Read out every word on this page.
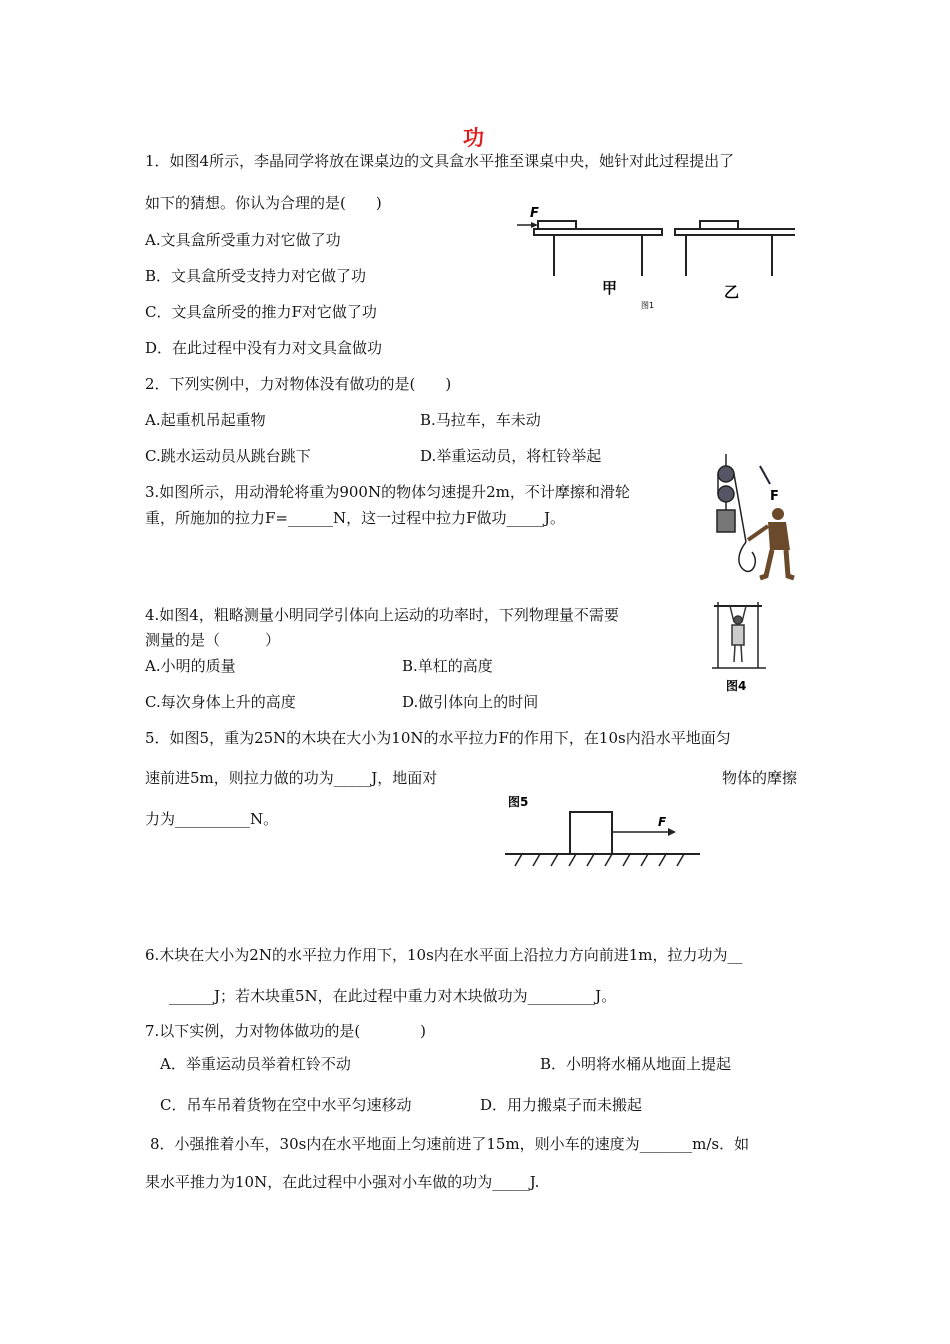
功
1．如图4所示，李晶同学将放在课桌边的文具盒水平推至课桌中央，她针对此过程提出了
如下的猜想。你认为合理的是(　　)
A.文具盒所受重力对它做了功
B．文具盒所受支持力对它做了功
C．文具盒所受的推力F对它做了功
D．在此过程中没有力对文具盒做功
F
甲	乙
图1
2．下列实例中，力对物体没有做功的是(　　)
A.起重机吊起重物	B.马拉车，车未动
C.跳水运动员从跳台跳下	D.举重运动员，将杠铃举起
3.如图所示，用动滑轮将重为900N的物体匀速提升2m，不计摩擦和滑轮
重，所施加的拉力F=______N，这一过程中拉力F做功_____J。
F
4.如图4，粗略测量小明同学引体向上运动的功率时，下列物理量不需要
测量的是（　　　）
A.小明的质量	B.单杠的高度
C.每次身体上升的高度	D.做引体向上的时间
图4
5．如图5，重为25N的木块在大小为10N的水平拉力F的作用下，在10s内沿水平地面匀
速前进5m，则拉力做的功为_____J，地面对	物体的摩擦
力为__________N。
图5
F
6.木块在大小为2N的水平拉力作用下，10s内在水平面上沿拉力方向前进1m，拉力功为__
______J；若木块重5N，在此过程中重力对木块做功为_________J。
7.以下实例，力对物体做功的是(　　　　)
A．举重运动员举着杠铃不动	B．小明将水桶从地面上提起
C．吊车吊着货物在空中水平匀速移动	D．用力搬桌子而未搬起
8．小强推着小车，30s内在水平地面上匀速前进了15m，则小车的速度为_______m/s．如
果水平推力为10N，在此过程中小强对小车做的功为_____J.
